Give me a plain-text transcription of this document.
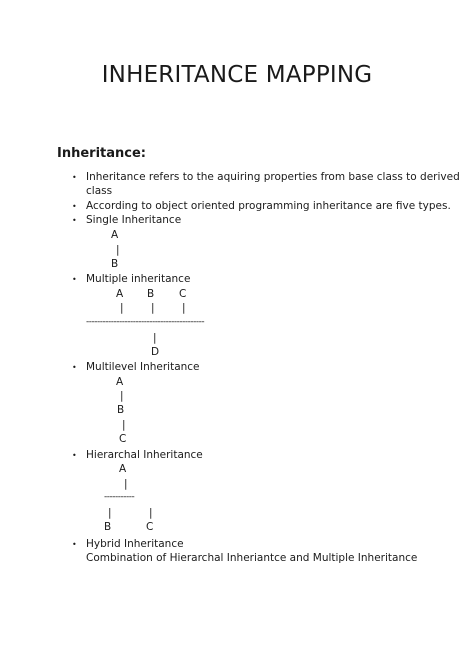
INHERITANCE MAPPING
Inheritance:
• Inheritance refers to the aquiring properties from base class to derived
class
• According to object oriented programming inheritance are five types.
• Single Inheritance
A
|
B
• Multiple inheritance
A B C
|	|	|
-------------------------------------------
|
D
• Multilevel Inheritance
A
|
B
|
C
• Hierarchal Inheritance
A
|
-----------
|	|
B	C
• Hybrid Inheritance
Combination of Hierarchal Inheriantce and Multiple Inheritance
